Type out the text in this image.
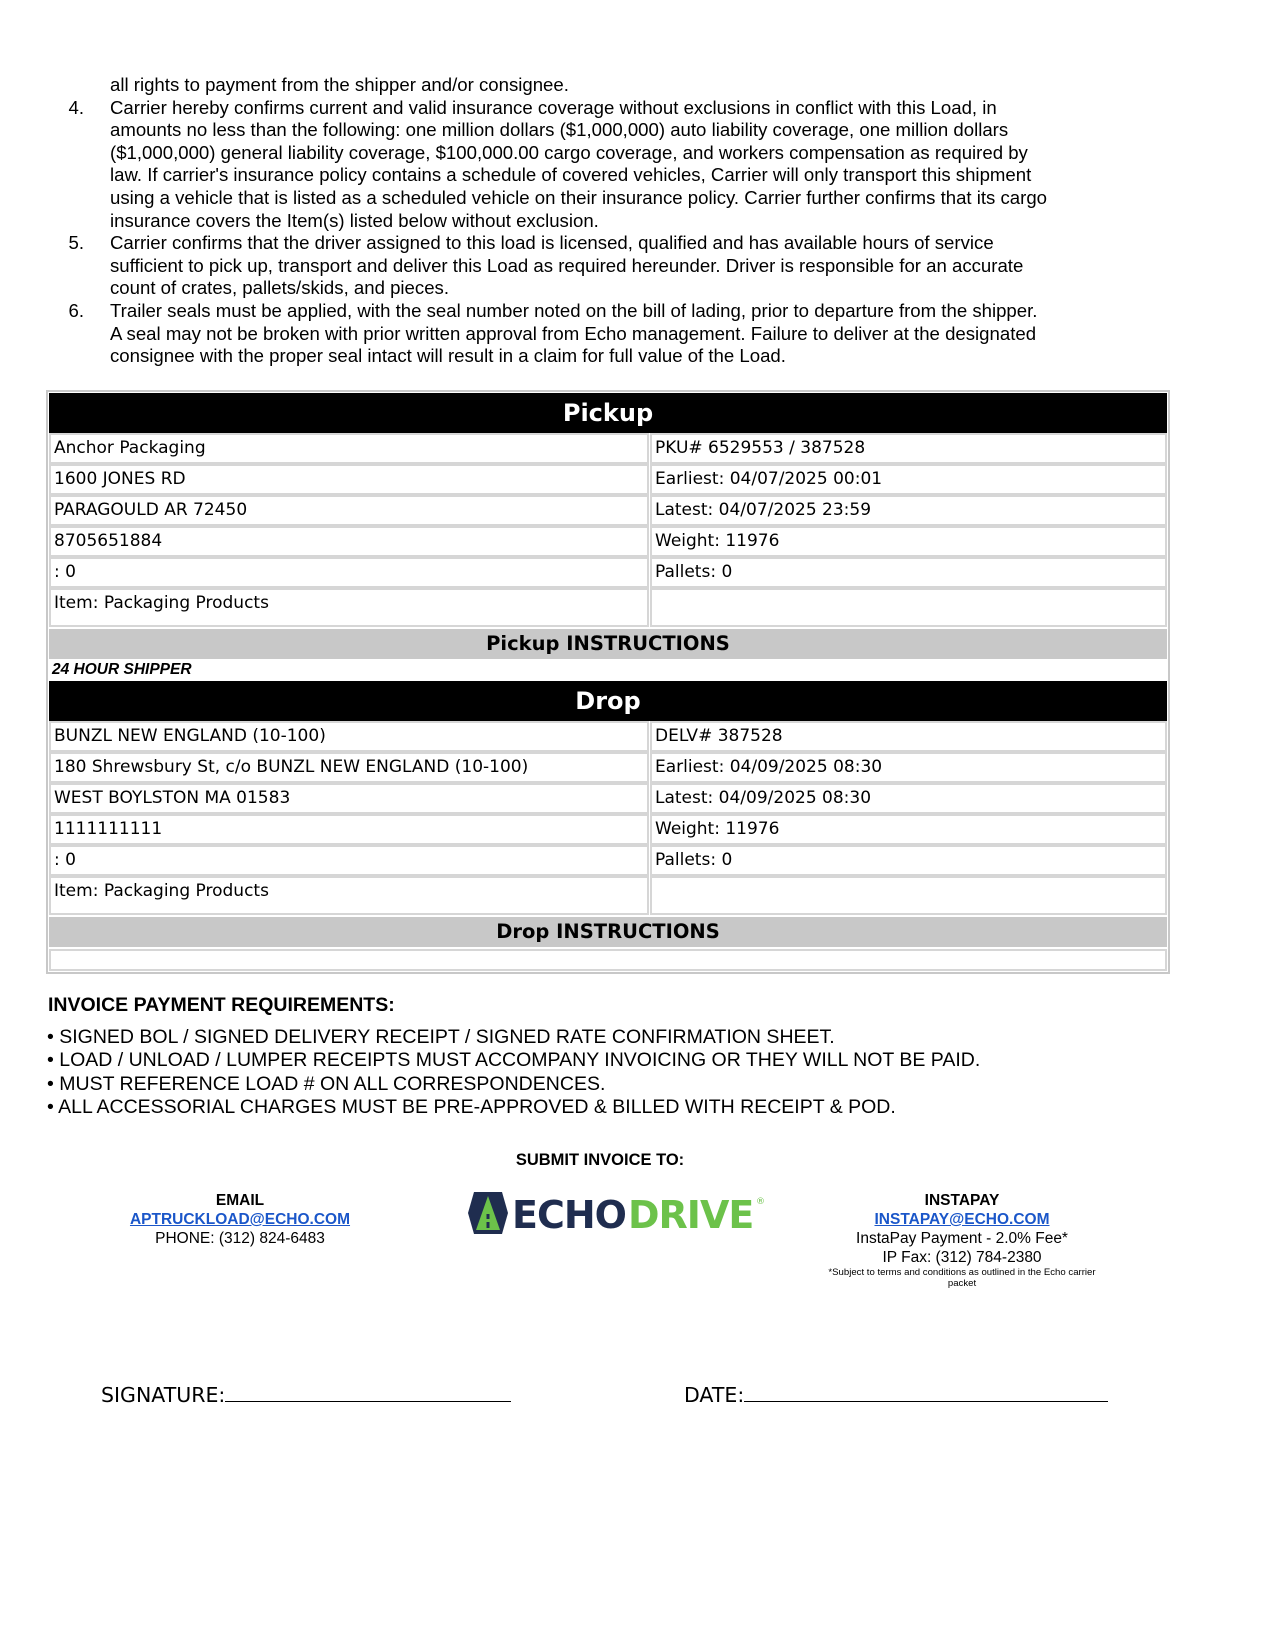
all rights to payment from the shipper and/or consignee.
4.	Carrier hereby confirms current and valid insurance coverage without exclusions in conflict with this Load, in
amounts no less than the following: one million dollars ($1,000,000) auto liability coverage, one million dollars
($1,000,000) general liability coverage, $100,000.00 cargo coverage, and workers compensation as required by
law. If carrier's insurance policy contains a schedule of covered vehicles, Carrier will only transport this shipment
using a vehicle that is listed as a scheduled vehicle on their insurance policy. Carrier further confirms that its cargo
insurance covers the Item(s) listed below without exclusion.
5.	Carrier confirms that the driver assigned to this load is licensed, qualified and has available hours of service
sufficient to pick up, transport and deliver this Load as required hereunder. Driver is responsible for an accurate
count of crates, pallets/skids, and pieces.
6.	Trailer seals must be applied, with the seal number noted on the bill of lading, prior to departure from the shipper.
A seal may not be broken with prior written approval from Echo management. Failure to deliver at the designated
consignee with the proper seal intact will result in a claim for full value of the Load.
Pickup
Anchor Packaging	PKU# 6529553 / 387528
1600 JONES RD	Earliest: 04/07/2025 00:01
PARAGOULD AR 72450	Latest: 04/07/2025 23:59
8705651884	Weight: 11976
: 0	Pallets: 0
Item: Packaging Products
Pickup INSTRUCTIONS
24 HOUR SHIPPER
Drop
BUNZL NEW ENGLAND (10-100)	DELV# 387528
180 Shrewsbury St, c/o BUNZL NEW ENGLAND (10-100)	Earliest: 04/09/2025 08:30
WEST BOYLSTON MA 01583	Latest: 04/09/2025 08:30
1111111111	Weight: 11976
: 0	Pallets: 0
Item: Packaging Products
Drop INSTRUCTIONS
INVOICE PAYMENT REQUIREMENTS:
• SIGNED BOL / SIGNED DELIVERY RECEIPT / SIGNED RATE CONFIRMATION SHEET.
• LOAD / UNLOAD / LUMPER RECEIPTS MUST ACCOMPANY INVOICING OR THEY WILL NOT BE PAID.
• MUST REFERENCE LOAD # ON ALL CORRESPONDENCES.
• ALL ACCESSORIAL CHARGES MUST BE PRE-APPROVED & BILLED WITH RECEIPT & POD.
SUBMIT INVOICE TO:
EMAIL
APTRUCKLOAD@ECHO.COM
PHONE: (312) 824-6483
ECHO DRIVE ®	INSTAPAY
INSTAPAY@ECHO.COM
InstaPay Payment - 2.0% Fee*
IP Fax: (312) 784-2380
*Subject to terms and conditions as outlined in the Echo carrier
packet
SIGNATURE:	DATE:
